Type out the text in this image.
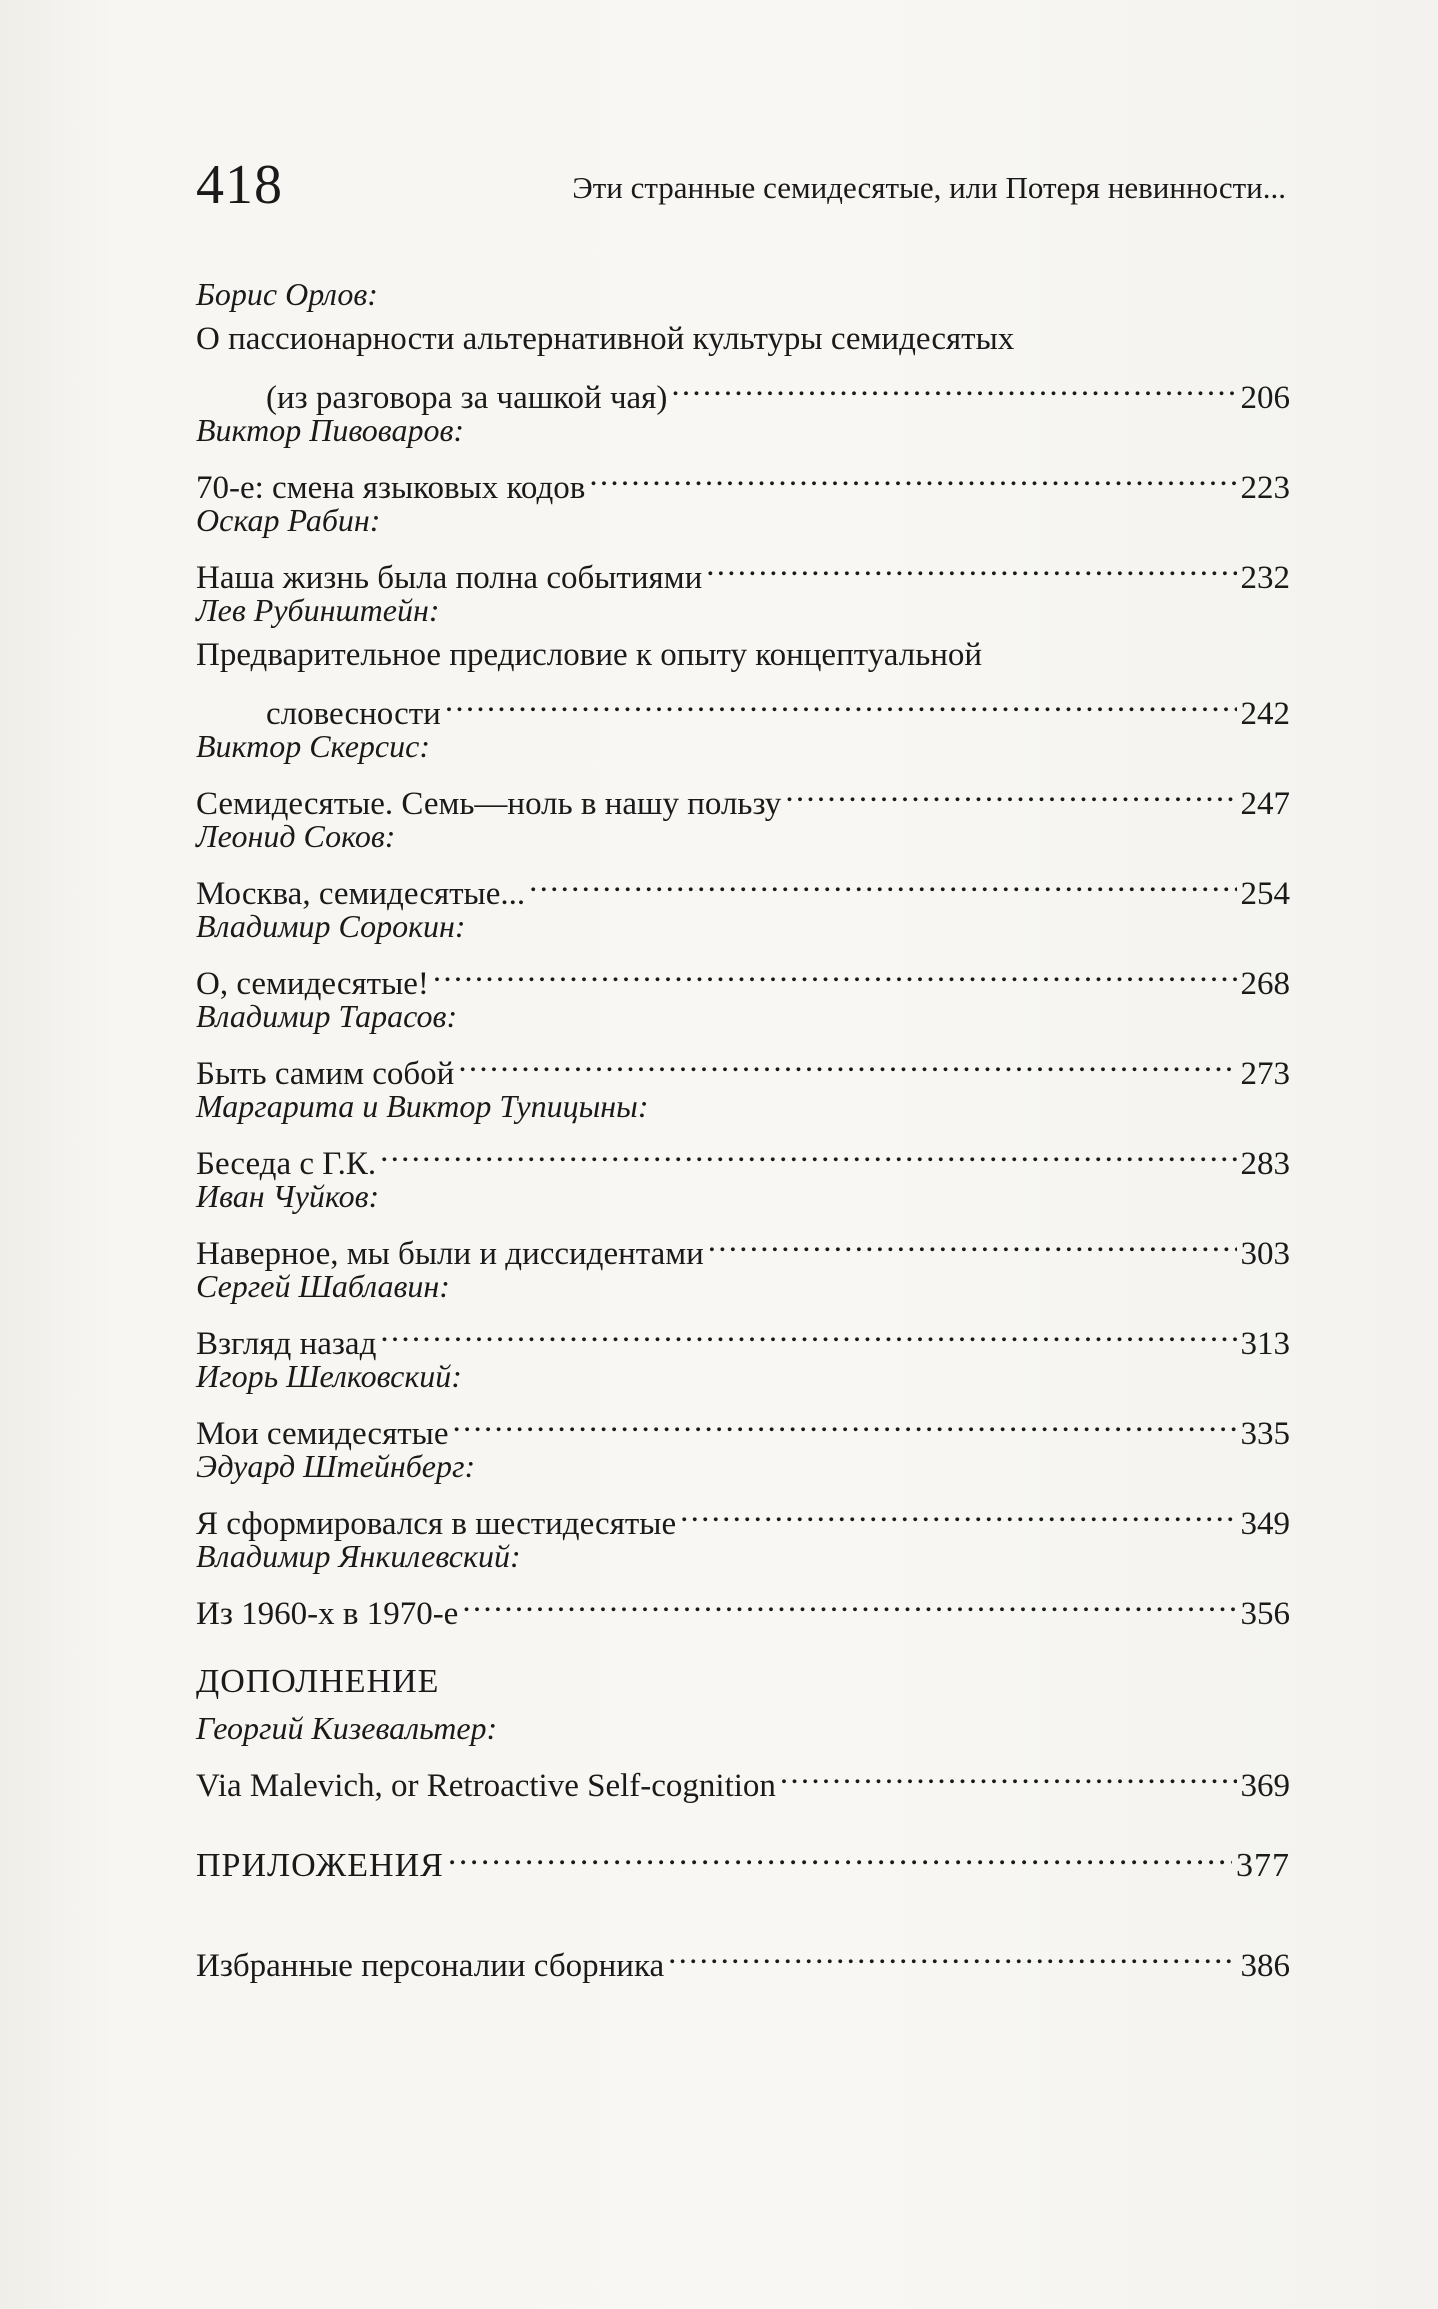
418	Эти странные семидесятые, или Потеря невинности...
Борис Орлов:
О пассионарности альтернативной культуры семидесятых
(из разговора за чашкой чая) . . .	206
Виктор Пивоваров:
70-е: смена языковых кодов . . .	223
Оскар Рабин:
Наша жизнь была полна событиями . . .	232
Лев Рубинштейн:
Предварительное предисловие к опыту концептуальной
словесности . . .	242
Виктор Скерсис:
Семидесятые. Семь—ноль в нашу пользу . . .	247
Леонид Соков:
Москва, семидесятые... . . .	254
Владимир Сорокин:
О, семидесятые! . . .	268
Владимир Тарасов:
Быть самим собой . . .	273
Маргарита и Виктор Тупицыны:
Беседа с Г.К. . . .	283
Иван Чуйков:
Наверное, мы были и диссидентами . . .	303
Сергей Шаблавин:
Взгляд назад . . .	313
Игорь Шелковский:
Мои семидесятые . . .	335
Эдуард Штейнберг:
Я сформировался в шестидесятые . . .	349
Владимир Янкилевский:
Из 1960-х в 1970-е . . .	356
ДОПОЛНЕНИЕ
Георгий Кизевальтер:
Via Malevich, or Retroactive Self-cognition . . .	369
ПРИЛОЖЕНИЯ . . .	377
Избранные персоналии сборника . . .	386
